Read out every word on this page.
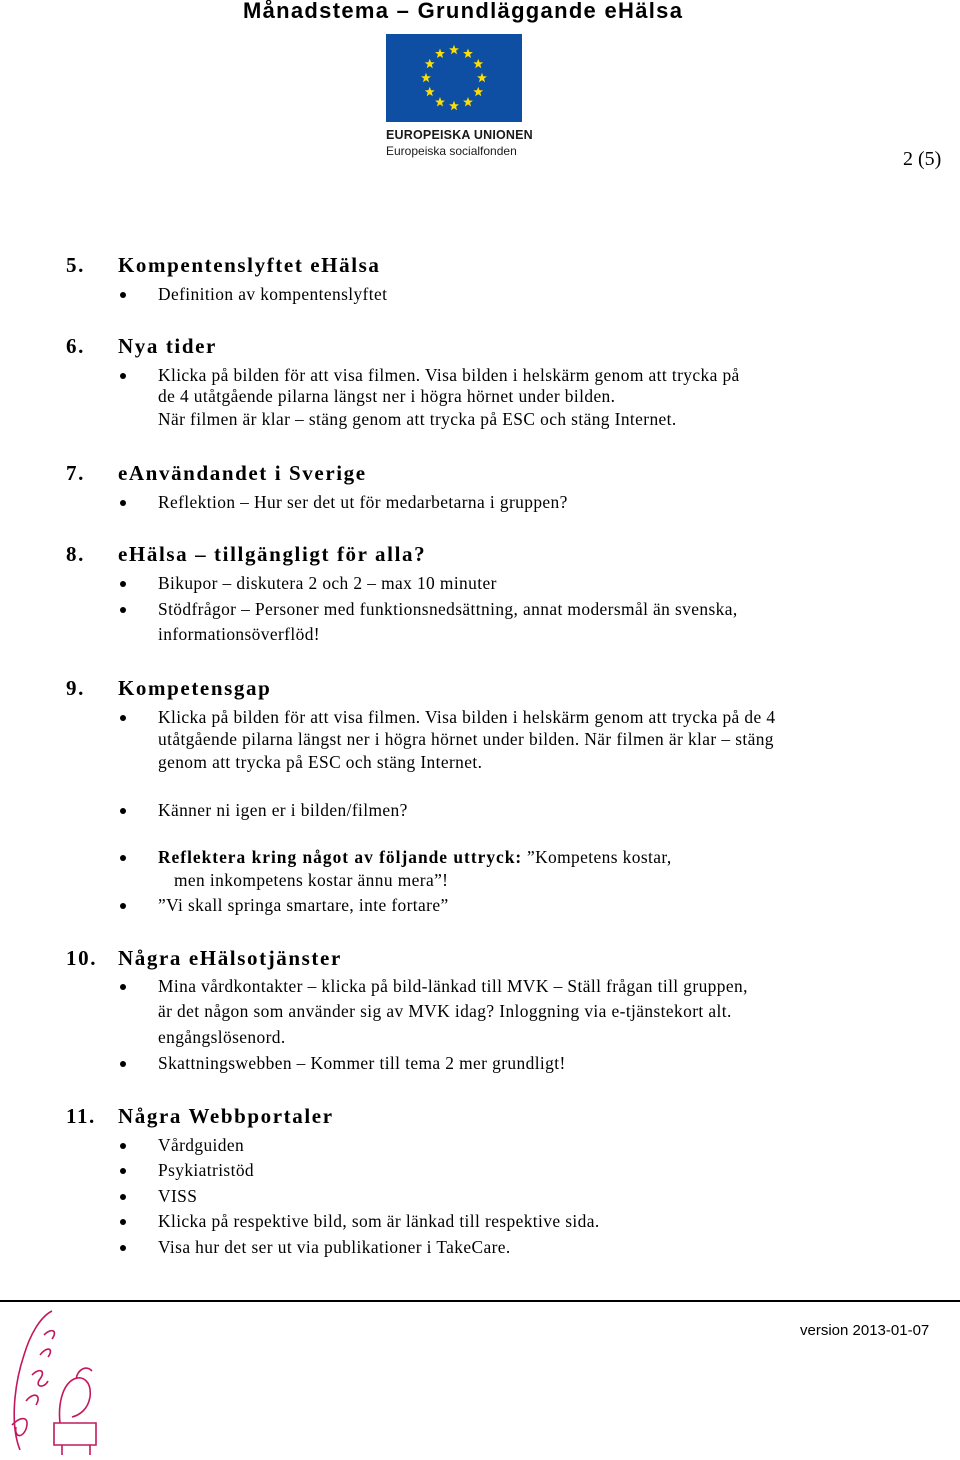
Månadstema – Grundläggande eHälsa
EUROPEISKA UNIONEN
Europeiska socialfonden	2 (5)
5. Kompentenslyftet eHälsa
Definition av kompentenslyftet
6. Nya tider
Klicka på bilden för att visa filmen. Visa bilden i helskärm genom att trycka på
de 4 utåtgående pilarna längst ner i högra hörnet under bilden.
När filmen är klar – stäng genom att trycka på ESC och stäng Internet.
7. eAnvändandet i Sverige
Reflektion – Hur ser det ut för medarbetarna i gruppen?
8. eHälsa – tillgängligt för alla?
Bikupor – diskutera 2 och 2 – max 10 minuter
Stödfrågor – Personer med funktionsnedsättning, annat modersmål än svenska,
informationsöverflöd!
9. Kompetensgap
Klicka på bilden för att visa filmen. Visa bilden i helskärm genom att trycka på de 4
utåtgående pilarna längst ner i högra hörnet under bilden. När filmen är klar – stäng
genom att trycka på ESC och stäng Internet.
Känner ni igen er i bilden/filmen?
Reflektera kring något av följande uttryck: ”Kompetens kostar,
men inkompetens kostar ännu mera”!
”Vi skall springa smartare, inte fortare”
10. Några eHälsotjänster
Mina vårdkontakter – klicka på bild-länkad till MVK – Ställ frågan till gruppen,
är det någon som använder sig av MVK idag? Inloggning via e-tjänstekort alt.
engångslösenord.
Skattningswebben – Kommer till tema 2 mer grundligt!
11. Några Webbportaler
Vårdguiden
Psykiatristöd
VISS
Klicka på respektive bild, som är länkad till respektive sida.
Visa hur det ser ut via publikationer i TakeCare.
version 2013-01-07
